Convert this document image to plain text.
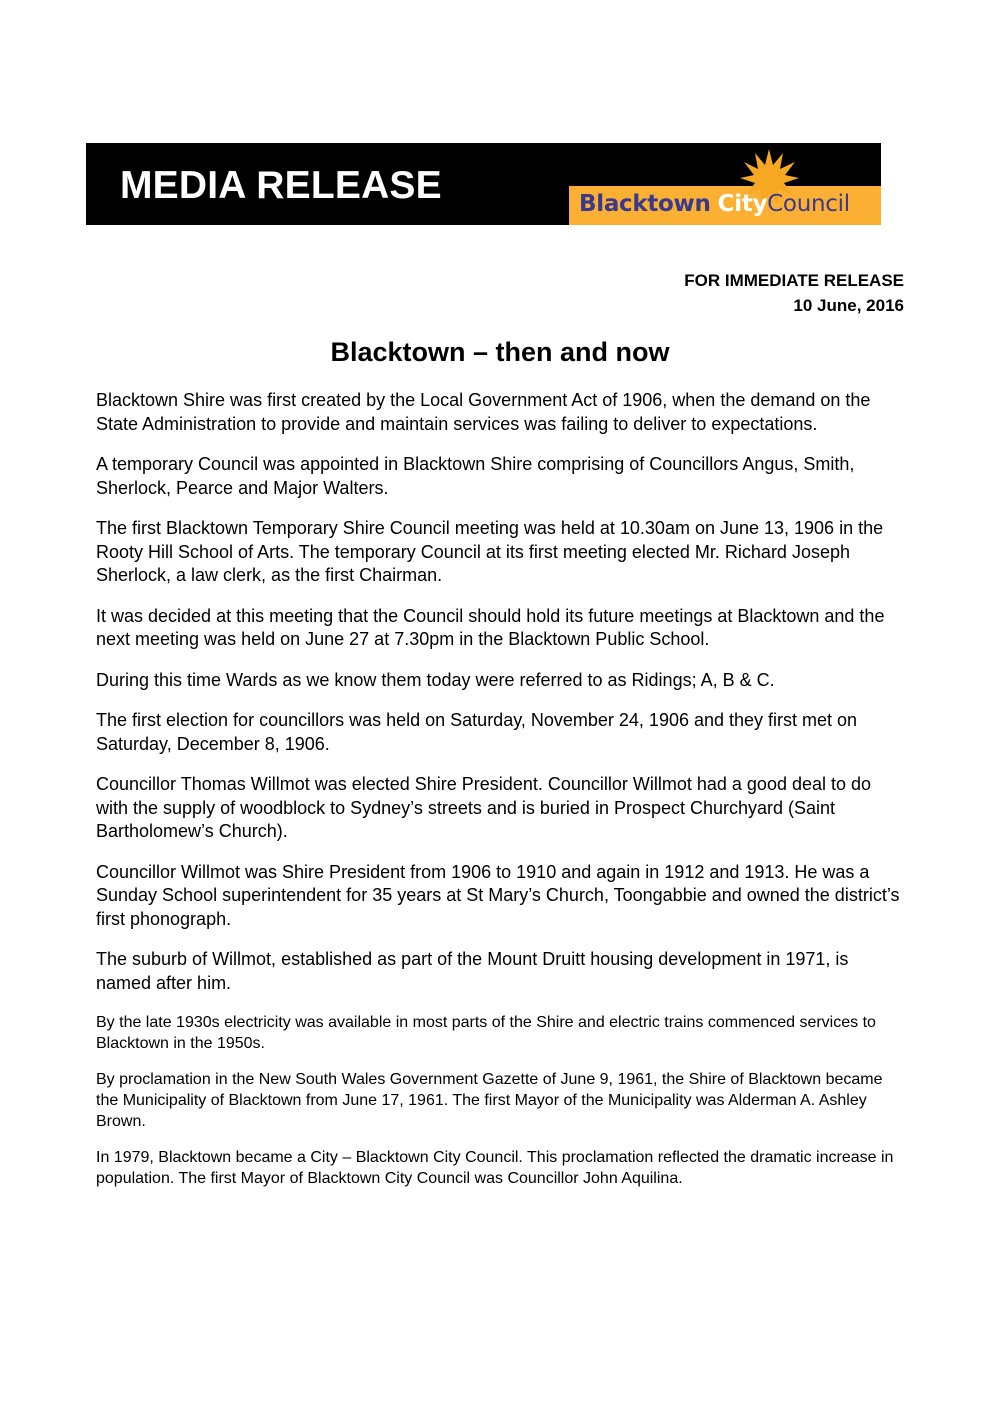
MEDIA RELEASE	Blacktown CityCouncil
FOR IMMEDIATE RELEASE
10 June, 2016
Blacktown – then and now

Blacktown Shire was first created by the Local Government Act of 1906, when the demand on the State Administration to provide and maintain services was failing to deliver to expectations.

A temporary Council was appointed in Blacktown Shire comprising of Councillors Angus, Smith, Sherlock, Pearce and Major Walters.

The first Blacktown Temporary Shire Council meeting was held at 10.30am on June 13, 1906 in the Rooty Hill School of Arts. The temporary Council at its first meeting elected Mr. Richard Joseph Sherlock, a law clerk, as the first Chairman.

It was decided at this meeting that the Council should hold its future meetings at Blacktown and the next meeting was held on June 27 at 7.30pm in the Blacktown Public School.

During this time Wards as we know them today were referred to as Ridings; A, B & C.

The first election for councillors was held on Saturday, November 24, 1906 and they first met on Saturday, December 8, 1906.

Councillor Thomas Willmot was elected Shire President. Councillor Willmot had a good deal to do with the supply of woodblock to Sydney’s streets and is buried in Prospect Churchyard (Saint Bartholomew’s Church).

Councillor Willmot was Shire President from 1906 to 1910 and again in 1912 and 1913. He was a Sunday School superintendent for 35 years at St Mary’s Church, Toongabbie and owned the district’s first phonograph.

The suburb of Willmot, established as part of the Mount Druitt housing development in 1971, is named after him.

By the late 1930s electricity was available in most parts of the Shire and electric trains commenced services to Blacktown in the 1950s.

By proclamation in the New South Wales Government Gazette of June 9, 1961, the Shire of Blacktown became the Municipality of Blacktown from June 17, 1961. The first Mayor of the Municipality was Alderman A. Ashley Brown.

In 1979, Blacktown became a City – Blacktown City Council. This proclamation reflected the dramatic increase in population. The first Mayor of Blacktown City Council was Councillor John Aquilina.
